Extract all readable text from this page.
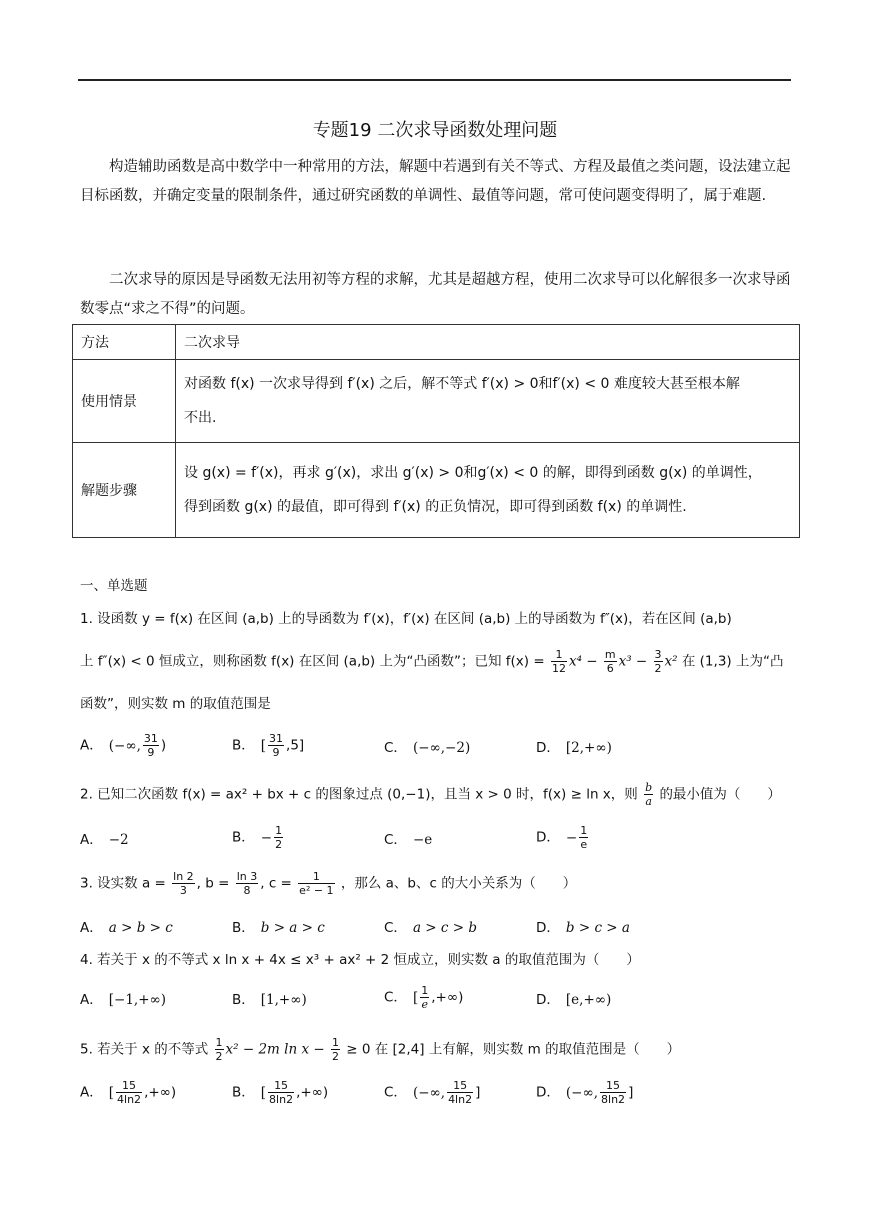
专题19 二次求导函数处理问题
构造辅助函数是高中数学中一种常用的方法，解题中若遇到有关不等式、方程及最值之类问题，设法建立起目标函数，并确定变量的限制条件，通过研究函数的单调性、最值等问题，常可使问题变得明了，属于难题.
二次求导的原因是导函数无法用初等方程的求解，尤其是超越方程，使用二次求导可以化解很多一次求导函数零点“求之不得”的问题。
方法	二次求导
使用情景	对函数 f(x) 一次求导得到 f′(x) 之后，解不等式 f′(x) > 0和f′(x) < 0 难度较大甚至根本解
不出.

解题步骤	设 g(x) = f′(x)，再求 g′(x)，求出 g′(x) > 0和g′(x) < 0 的解，即得到函数 g(x) 的单调性，
得到函数 g(x) 的最值，即可得到 f′(x) 的正负情况，即可得到函数 f(x) 的单调性.
一、单选题
1. 设函数 y = f(x) 在区间 (a,b) 上的导函数为 f′(x)，f′(x) 在区间 (a,b) 上的导函数为 f″(x)，若在区间 (a,b)
上 f″(x) < 0 恒成立，则称函数 f(x) 在区间 (a,b) 上为“凸函数”；已知 $f(x) = \frac{1}{12} x^4 - \frac{m}{6} x^3 - \frac{3}{2} x^2$ 在 (1,3) 上为“凸
函数”，则实数 m 的取值范围是
A． (−∞, $\frac{31}{9}$ )	B． [ $\frac{31}{9} ,5$]	C． (−∞,−2)	D． [2,+∞)
2. 已知二次函数 f(x) = ax² + bx + c 的图象过点 (0,−1)，且当 x > 0 时，f(x) ≥ ln x，则 $\frac{b}{a}$ 的最小值为（　　）
A． −2	B． − $\frac{1}{2}$	C． −e	D． − $\frac{1}{e}$
3. 设实数 $a = \frac{\ln 2}{3}$ , $b = \frac{\ln 3}{8}$ , $c = \frac{1}{\text{e² − 1}}$ ，那么 a、b、c 的大小关系为（　　）
A． a > b > c	B． b > a > c	C． a > c > b	D． b > c > a
4. 若关于 x 的不等式 x ln x + 4x ≤ x³ + ax² + 2 恒成立，则实数 a 的取值范围为（　　）
A． [−1,+∞)	B． [1,+∞)	C． [ $\frac{1}{e}$ ,+∞)	D． [e,+∞)
5. 若关于 x 的不等式 $\frac{1}{2} x^2 - 2m$ $\ln x - \frac{1}{2} \ge 0$ 在 [2,4] 上有解，则实数 m 的取值范围是（　　）
A． [ $\frac{15}{4\ln 2}$ ,+∞)	B． [ $\frac{15}{8\ln 2}$ ,+∞)	C． (−∞, $\frac{15}{4\ln 2}$ ]	D． (−∞, $\frac{15}{8\ln 2}$ ]
